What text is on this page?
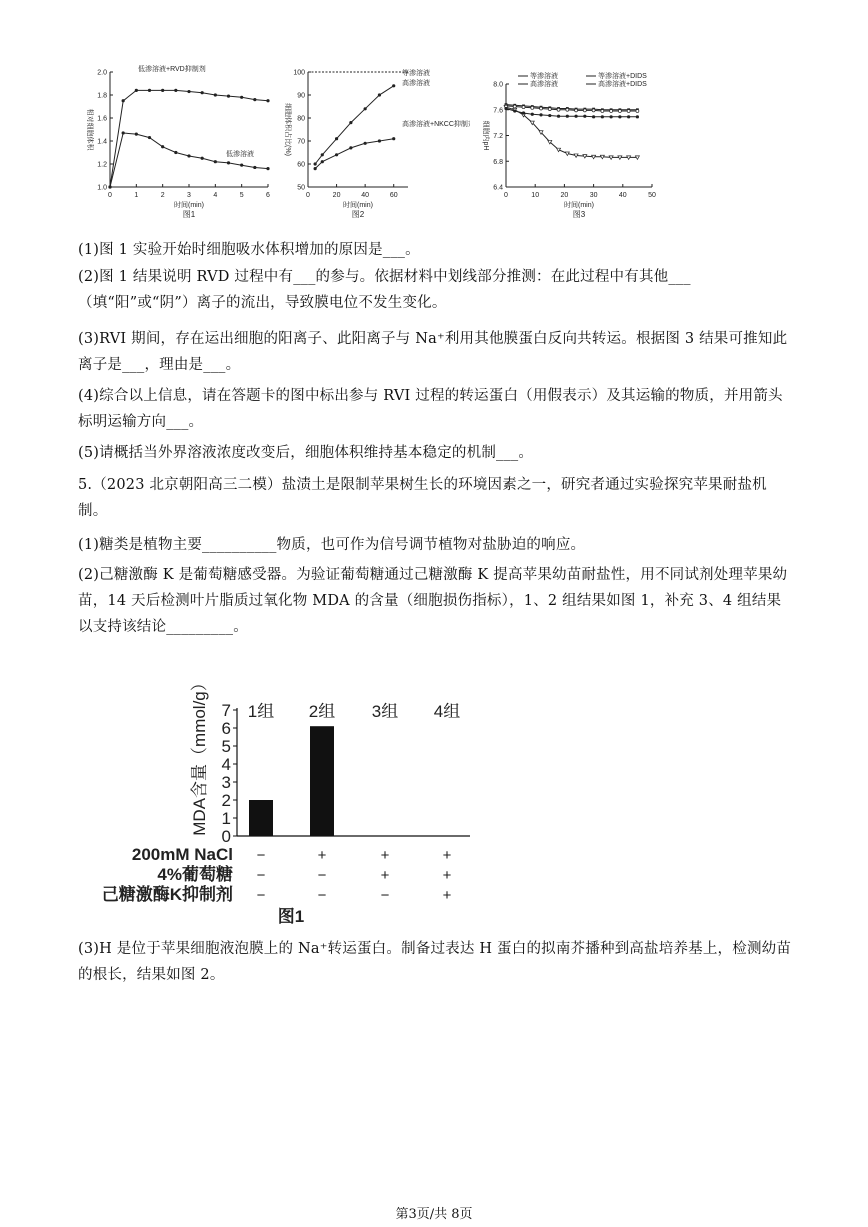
0	1	2	3	4	5	6
1.0
1.2
1.4
1.6
1.8
2.0
时间(min)
图1
相对细胞体积
低渗溶液+RVD抑制剂
低渗溶液
0	20	40	60
50
60
70
80
90
100
时间(min)
图2
细胞体积占比(%)
等渗溶液
高渗溶液
高渗溶液+NKCC抑制剂
0	10	20	30	40	50
6.4
6.8
7.2
7.6
8.0
时间(min)
图3
细胞内pH
等渗溶液	等渗溶液+DIDS
高渗溶液	高渗溶液+DIDS
(1)图 1 实验开始时细胞吸水体积增加的原因是___。
(2)图 1 结果说明 RVD 过程中有___的参与。依据材料中划线部分推测：在此过程中有其他___（填“阳”或“阴”）离子的流出，导致膜电位不发生变化。
(3)RVI 期间，存在运出细胞的阳离子、此阳离子与 Na⁺利用其他膜蛋白反向共转运。根据图 3 结果可推知此离子是___，理由是___。
(4)综合以上信息，请在答题卡的图中标出参与 RVI 过程的转运蛋白（用假表示）及其运输的物质，并用箭头标明运输方向___。
(5)请概括当外界溶液浓度改变后，细胞体积维持基本稳定的机制___。
5.（2023 北京朝阳高三二模）盐渍土是限制苹果树生长的环境因素之一，研究者通过实验探究苹果耐盐机制。
(1)糖类是植物主要__________物质，也可作为信号调节植物对盐胁迫的响应。
(2)己糖激酶 K 是葡萄糖感受器。为验证葡萄糖通过己糖激酶 K 提高苹果幼苗耐盐性，用不同试剂处理苹果幼苗，14 天后检测叶片脂质过氧化物 MDA 的含量（细胞损伤指标），1、2 组结果如图 1，补充 3、4 组结果以支持该结论_________。
0
1
2
3
4
5
6
7
MDA含量（mmol/g） 1组 2组 3组 4组
200mM NaCl −	+	+	+
4%葡萄糖 −	−	+	+
己糖激酶K抑制剂 −	−	−	+
图1
(3)H 是位于苹果细胞液泡膜上的 Na⁺转运蛋白。制备过表达 H 蛋白的拟南芥播种到高盐培养基上，检测幼苗的根长，结果如图 2。
第3页/共 8页
